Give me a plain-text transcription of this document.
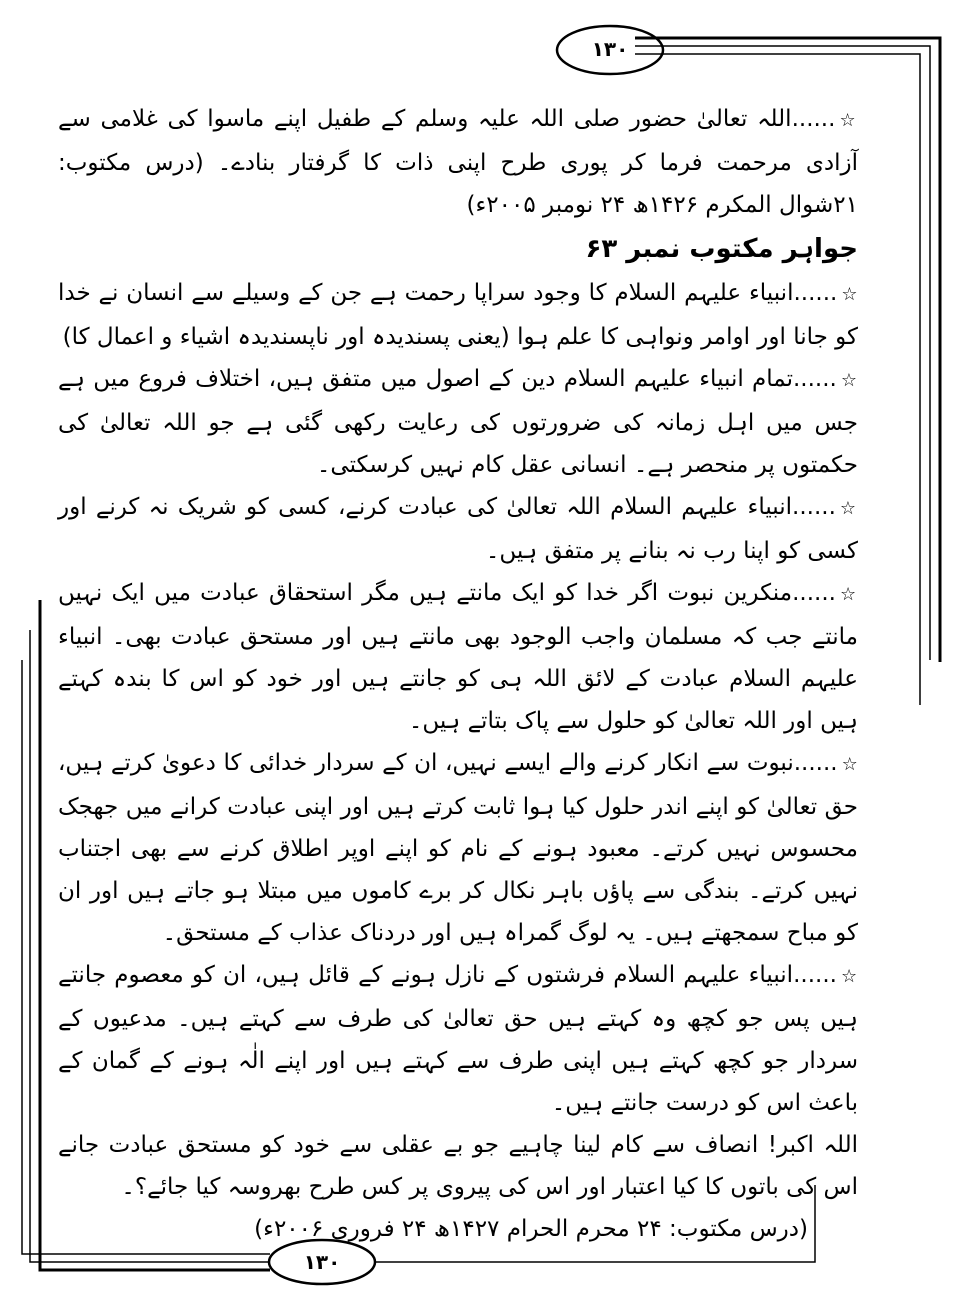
۱۳۰
۱۳۰

☆......اللہ تعالیٰ حضور صلی اللہ علیہ وسلم کے طفیل اپنے ماسوا کی غلامی سے آزادی مرحمت فرما کر پوری طرح اپنی ذات کا گرفتار بنادے۔ (درس مکتوب: ۲۱شوال المکرم ۱۴۲۶ھ ۲۴ نومبر ۲۰۰۵ء)

جواہر مکتوب نمبر ۶۳

☆......انبیاء علیہم السلام کا وجود سراپا رحمت ہے جن کے وسیلے سے انسان نے خدا کو جانا اور اوامر ونواہی کا علم ہوا (یعنی پسندیدہ اور ناپسندیدہ اشیاء و اعمال کا)

☆......تمام انبیاء علیہم السلام دین کے اصول میں متفق ہیں، اختلاف فروع میں ہے جس میں اہل زمانہ کی ضرورتوں کی رعایت رکھی گئی ہے جو اللہ تعالیٰ کی حکمتوں پر منحصر ہے۔ انسانی عقل کام نہیں کرسکتی۔

☆......انبیاء علیہم السلام اللہ تعالیٰ کی عبادت کرنے، کسی کو شریک نہ کرنے اور کسی کو اپنا رب نہ بنانے پر متفق ہیں۔

☆......منکرین نبوت اگر خدا کو ایک مانتے ہیں مگر استحقاق عبادت میں ایک نہیں مانتے جب کہ مسلمان واجب الوجود بھی مانتے ہیں اور مستحق عبادت بھی۔ انبیاء علیہم السلام عبادت کے لائق اللہ ہی کو جانتے ہیں اور خود کو اس کا بندہ کہتے ہیں اور اللہ تعالیٰ کو حلول سے پاک بتاتے ہیں۔

☆......نبوت سے انکار کرنے والے ایسے نہیں، ان کے سردار خدائی کا دعویٰ کرتے ہیں، حق تعالیٰ کو اپنے اندر حلول کیا ہوا ثابت کرتے ہیں اور اپنی عبادت کرانے میں جھجک محسوس نہیں کرتے۔ معبود ہونے کے نام کو اپنے اوپر اطلاق کرنے سے بھی اجتناب نہیں کرتے۔ بندگی سے پاؤں باہر نکال کر برے کاموں میں مبتلا ہو جاتے ہیں اور ان کو مباح سمجھتے ہیں۔ یہ لوگ گمراہ ہیں اور دردناک عذاب کے مستحق۔

☆......انبیاء علیہم السلام فرشتوں کے نازل ہونے کے قائل ہیں، ان کو معصوم جانتے ہیں پس جو کچھ وہ کہتے ہیں حق تعالیٰ کی طرف سے کہتے ہیں۔ مدعیوں کے سردار جو کچھ کہتے ہیں اپنی طرف سے کہتے ہیں اور اپنے الٰہ ہونے کے گمان کے باعث اس کو درست جانتے ہیں۔

اللہ اکبر! انصاف سے کام لینا چاہیے جو بے عقلی سے خود کو مستحق عبادت جانے اس کی باتوں کا کیا اعتبار اور اس کی پیروی پر کس طرح بھروسہ کیا جائے؟۔

(درس مکتوب: ۲۴ محرم الحرام ۱۴۲۷ھ ۲۴ فروری ۲۰۰۶ء)
